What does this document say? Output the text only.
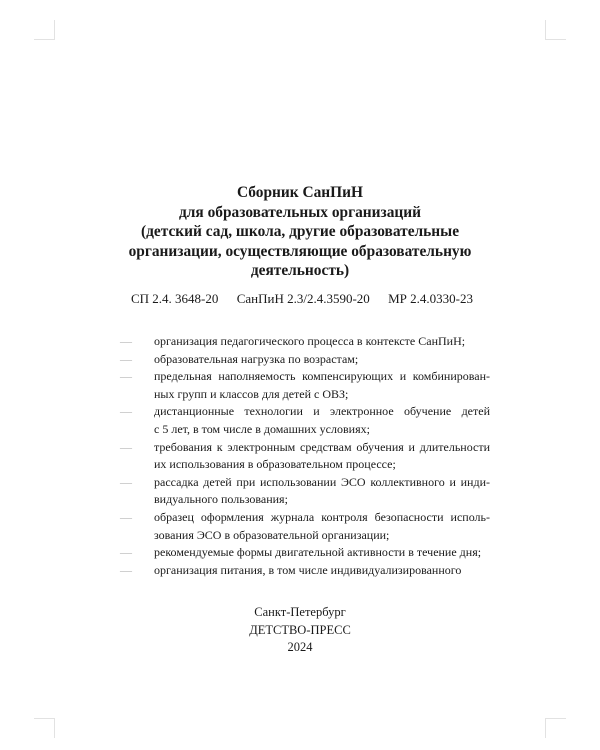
Сборник СанПиН
для образовательных организаций
(детский сад, школа, другие образовательные
организации, осуществляющие образовательную
деятельность)
СП 2.4. 3648-20 СанПиН 2.3/2.4.3590-20 МР 2.4.0330-23
—	организация педагогического процесса в контексте СанПиН;
—	образовательная нагрузка по возрастам;
—	предельная наполняемость компенсирующих и комбинирован-
ных групп и классов для детей с ОВЗ;
—	дистанционные технологии и электронное обучение детей
с 5 лет, в том числе в домашних условиях;
—	требования к электронным средствам обучения и длительности
их использования в образовательном процессе;
—	рассадка детей при использовании ЭСО коллективного и инди-
видуального пользования;
—	образец оформления журнала контроля безопасности исполь-
зования ЭСО в образовательной организации;
—	рекомендуемые формы двигательной активности в течение дня;
—	организация питания, в том числе индивидуализированного
Санкт-Петербург
ДЕТСТВО-ПРЕСС
2024
